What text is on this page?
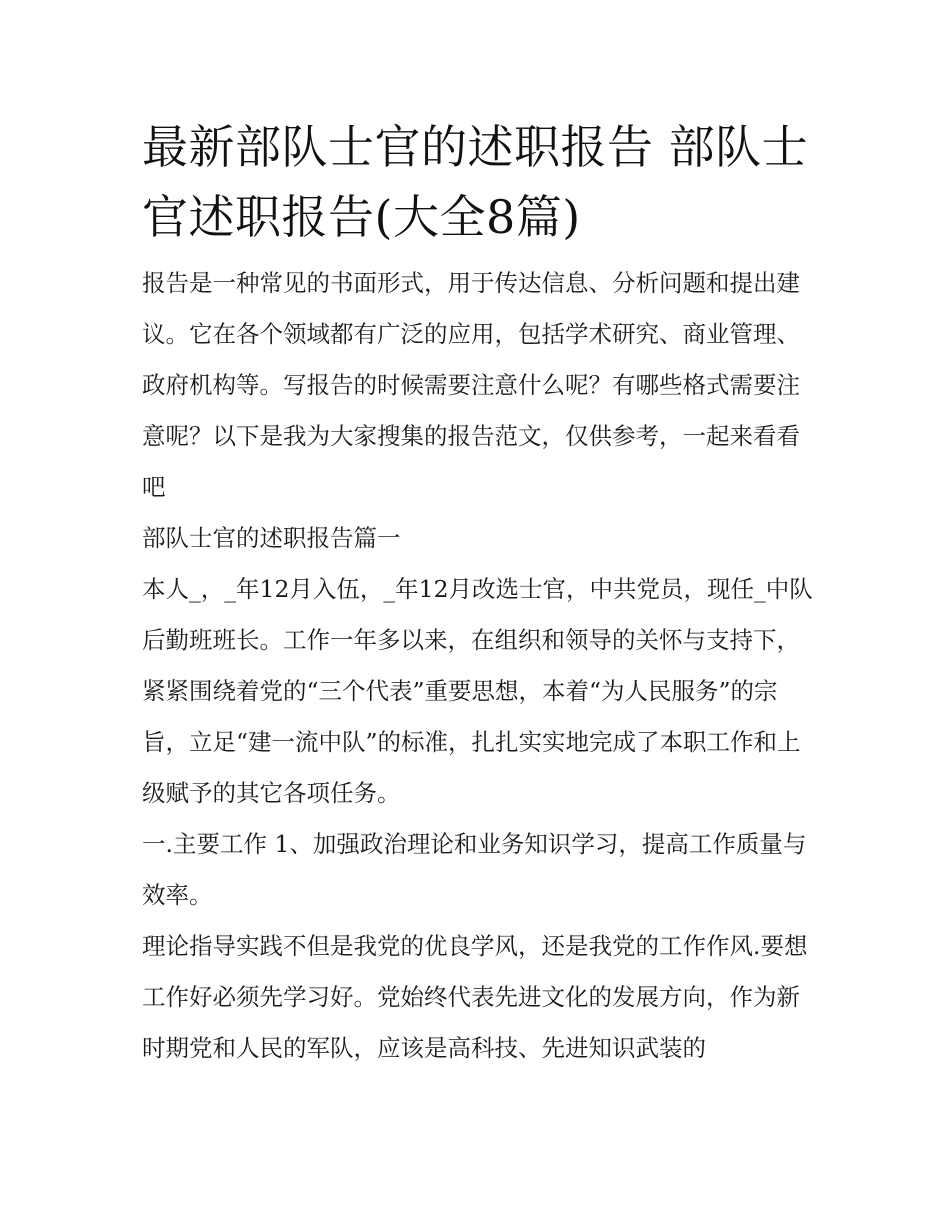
最新部队士官的述职报告 部队士官述职报告(大全8篇)

报告是一种常见的书面形式，用于传达信息、分析问题和提出建议。它在各个领域都有广泛的应用，包括学术研究、商业管理、政府机构等。写报告的时候需要注意什么呢？有哪些格式需要注意呢？以下是我为大家搜集的报告范文，仅供参考，一起来看看吧

部队士官的述职报告篇一

本人_，_年12月入伍，_年12月改选士官，中共党员，现任_中队后勤班班长。工作一年多以来，在组织和领导的关怀与支持下，紧紧围绕着党的“三个代表”重要思想，本着“为人民服务”的宗旨，立足“建一流中队”的标准，扎扎实实地完成了本职工作和上级赋予的其它各项任务。

一.主要工作 1、加强政治理论和业务知识学习，提高工作质量与效率。

理论指导实践不但是我党的优良学风，还是我党的工作作风.要想工作好必须先学习好。党始终代表先进文化的发展方向，作为新时期党和人民的军队，应该是高科技、先进知识武装的
